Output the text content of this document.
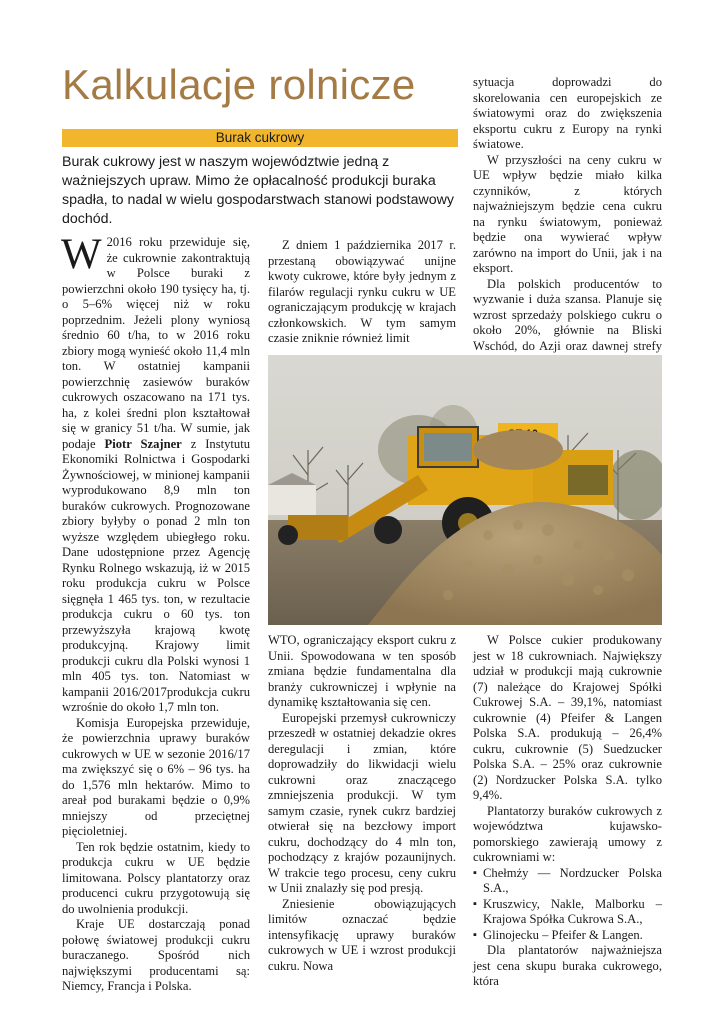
Kalkulacje rolnicze
Burak cukrowy

Burak cukrowy jest w naszym województwie jedną z ważniejszych upraw. Mimo że opłacalność produkcji buraka spadła, to nadal w wielu gospodarstwach stanowi podstawowy dochód.

W 2016 roku przewiduje się, że cukrownie zakontraktują w Polsce buraki z powierzchni około 190 tysięcy ha, tj. o 5–6% więcej niż w roku poprzednim. Jeżeli plony wyniosą średnio 60 t/ha, to w 2016 roku zbiory mogą wynieść około 11,4 mln ton. W ostatniej kampanii powierzchnię zasiewów buraków cukrowych oszacowano na 171 tys. ha, z kolei średni plon kształtował się w granicy 51 t/ha. W sumie, jak podaje Piotr Szajner z Instytutu Ekonomiki Rolnictwa i Gospodarki Żywnościowej, w minionej kampanii wyprodukowano 8,9 mln ton buraków cukrowych. Prognozowane zbiory byłyby o ponad 2 mln ton wyższe względem ubiegłego roku. Dane udostępnione przez Agencję Rynku Rolnego wskazują, iż w 2015 roku produkcja cukru w Polsce sięgnęła 1 465 tys. ton, w rezultacie produkcja cukru o 60 tys. ton przewyższyła krajową kwotę produkcyjną. Krajowy limit produkcji cukru dla Polski wynosi 1 mln 405 tys. ton. Natomiast w kampanii 2016/2017produkcja cukru wzrośnie do około 1,7 mln ton.

Komisja Europejska przewiduje, że powierzchnia uprawy buraków cukrowych w UE w sezonie 2016/17 ma zwiększyć się o 6% – 96 tys. ha do 1,576 mln hektarów. Mimo to areał pod burakami będzie o 0,9% mniejszy od przeciętnej pięcioletniej.

Ten rok będzie ostatnim, kiedy to produkcja cukru w UE będzie limitowana. Polscy plantatorzy oraz producenci cukru przygotowują się do uwolnienia produkcji.

Kraje UE dostarczają ponad połowę światowej produkcji cukru buraczanego. Spośród nich największymi producentami są: Niemcy, Francja i Polska.

Z dniem 1 października 2017 r. przestaną obowiązywać unijne kwoty cukrowe, które były jednym z filarów regulacji rynku cukru w UE ograniczającym produkcję w krajach członkowskich. W tym samym czasie zniknie również limit

sytuacja doprowadzi do skorelowania cen europejskich ze światowymi oraz do zwiększenia eksportu cukru z Europy na rynki światowe.

W przyszłości na ceny cukru w UE wpływ będzie miało kilka czynników, z których najważniejszym będzie cena cukru na rynku światowym, ponieważ będzie ona wywierać wpływ zarówno na import do Unii, jak i na eksport.

Dla polskich producentów to wyzwanie i duża szansa. Planuje się wzrost sprzedaży polskiego cukru o około 20%, głównie na Bliski Wschód, do Azji oraz dawnej strefy

WTO, ograniczający eksport cukru z Unii. Spowodowana w ten sposób zmiana będzie fundamentalna dla branży cukrowniczej i wpłynie na dynamikę kształtowania się cen.

Europejski przemysł cukrowniczy przeszedł w ostatniej dekadzie okres deregulacji i zmian, które doprowadziły do likwidacji wielu cukrowni oraz znaczącego zmniejszenia produkcji. W tym samym czasie, rynek cukrz bardziej otwierał się na bezcłowy import cukru, dochodzący do 4 mln ton, pochodzący z krajów pozaunijnych. W trakcie tego procesu, ceny cukru w Unii znalazły się pod presją.

Zniesienie obowiązujących limitów oznaczać będzie intensyfikację uprawy buraków cukrowych w UE i wzrost produkcji cukru. Nowa

W Polsce cukier produkowany jest w 18 cukrowniach. Największy udział w produkcji mają cukrownie (7) należące do Krajowej Spółki Cukrowej S.A. – 39,1%, natomiast cukrownie (4) Pfeifer & Langen Polska S.A. produkują – 26,4% cukru, cukrownie (5) Suedzucker Polska S.A. – 25% oraz cukrownie (2) Nordzucker Polska S.A. tylko 9,4%.

Plantatorzy buraków cukrowych z województwa kujawsko-pomorskiego zawierają umowy z cukrowniami w:

▪ Chełmży — Nordzucker Polska S.A.,
▪ Kruszwicy, Nakle, Malborku – Krajowa Spółka Cukrowa S.A.,
▪ Glinojecku – Pfeifer & Langen.

Dla plantatorów najważniejsza jest cena skupu buraka cukrowego, która
